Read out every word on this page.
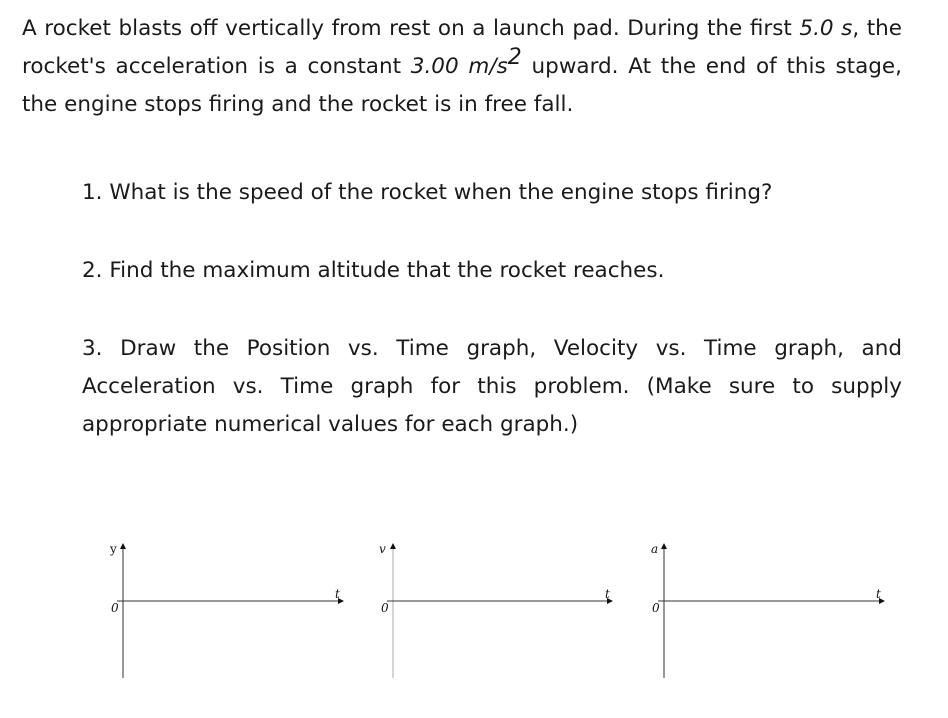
A rocket blasts off vertically from rest on a launch pad. During the first 5.0 s, the rocket's acceleration is a constant 3.00 $m/s^2$ upward. At the end of this stage, the engine stops firing and the rocket is in free fall.
1. What is the speed of the rocket when the engine stops firing?
2. Find the maximum altitude that the rocket reaches.
3. Draw the Position vs. Time graph, Velocity vs. Time graph, and Acceleration vs. Time graph for this problem. (Make sure to supply appropriate numerical values for each graph.)
y
0
t
v
0
t
a
0
t
